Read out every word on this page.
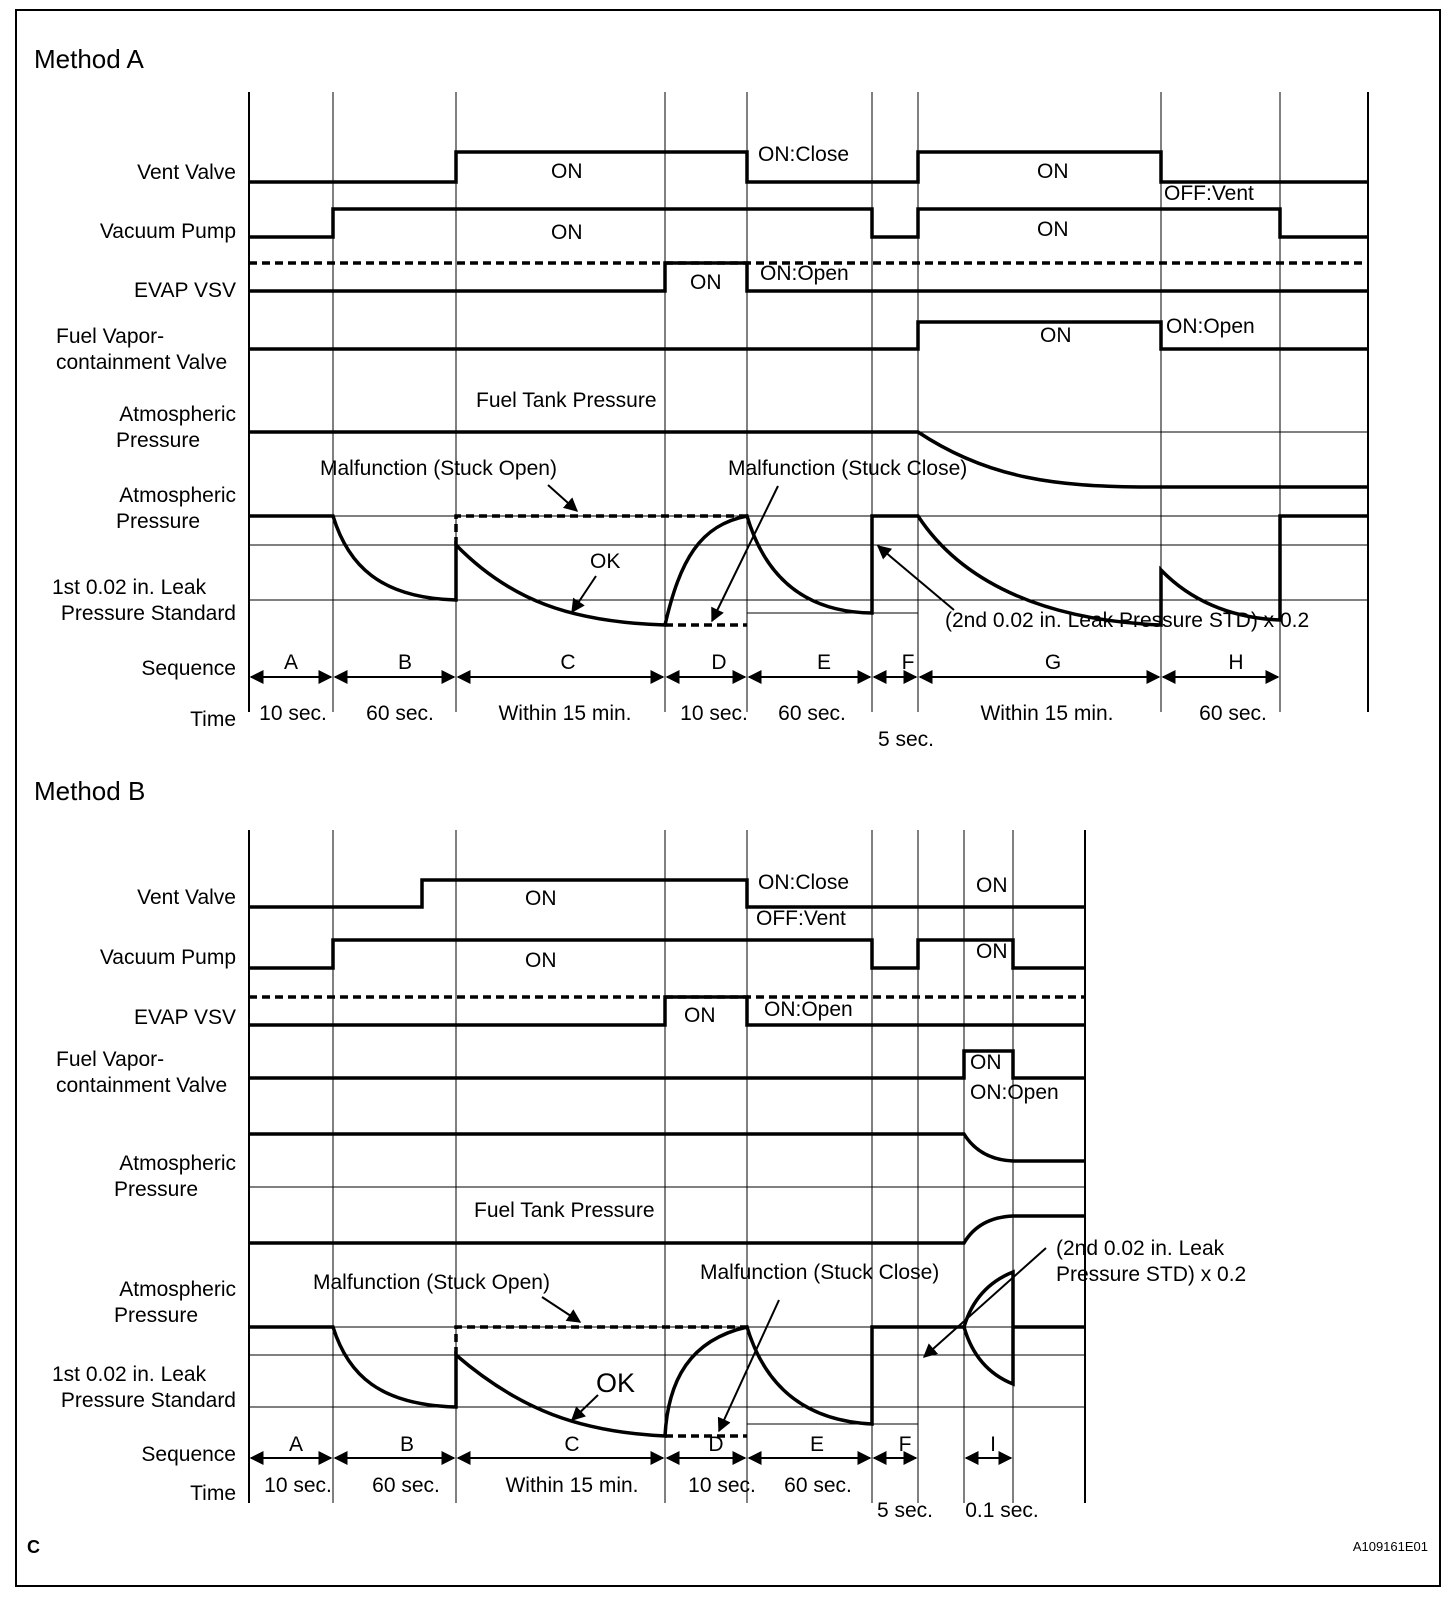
Method A
Vent Valve
Vacuum Pump
EVAP VSV
Fuel Vapor-
containment Valve
Atmospheric
Pressure
Atmospheric
Pressure
1st 0.02 in. Leak
Pressure Standard
Sequence
Time
ON
ON:Close
ON
OFF:Vent
ON	ON
ON ON:Open
ON	ON:Open
Fuel Tank Pressure
Malfunction (Stuck Open)	Malfunction (Stuck Close)
OK
(2nd 0.02 in. Leak Pressure STD) x 0.2
A	B	C	D	E	F	G	H
10 sec. 60 sec.	Within 15 min. 10 sec. 60 sec.
5 sec.
Within 15 min.	60 sec.
Method B
Vent Valve
Vacuum Pump
EVAP VSV
Fuel Vapor-
containment Valve
Atmospheric
Pressure
Atmospheric
Pressure
1st 0.02 in. Leak
Pressure Standard
Sequence
Time
ON
ON:Close	ON
OFF:Vent
ON	ON
ON ON:Open
ON
ON:Open
Fuel Tank Pressure
Malfunction (Stuck Open)	Malfunction (Stuck Close)
OK
(2nd 0.02 in. Leak
Pressure STD) x 0.2
A	B	C	D	E	F	I
10 sec. 60 sec.	Within 15 min. 10 sec. 60 sec.
5 sec. 0.1 sec.
C	A109161E01
